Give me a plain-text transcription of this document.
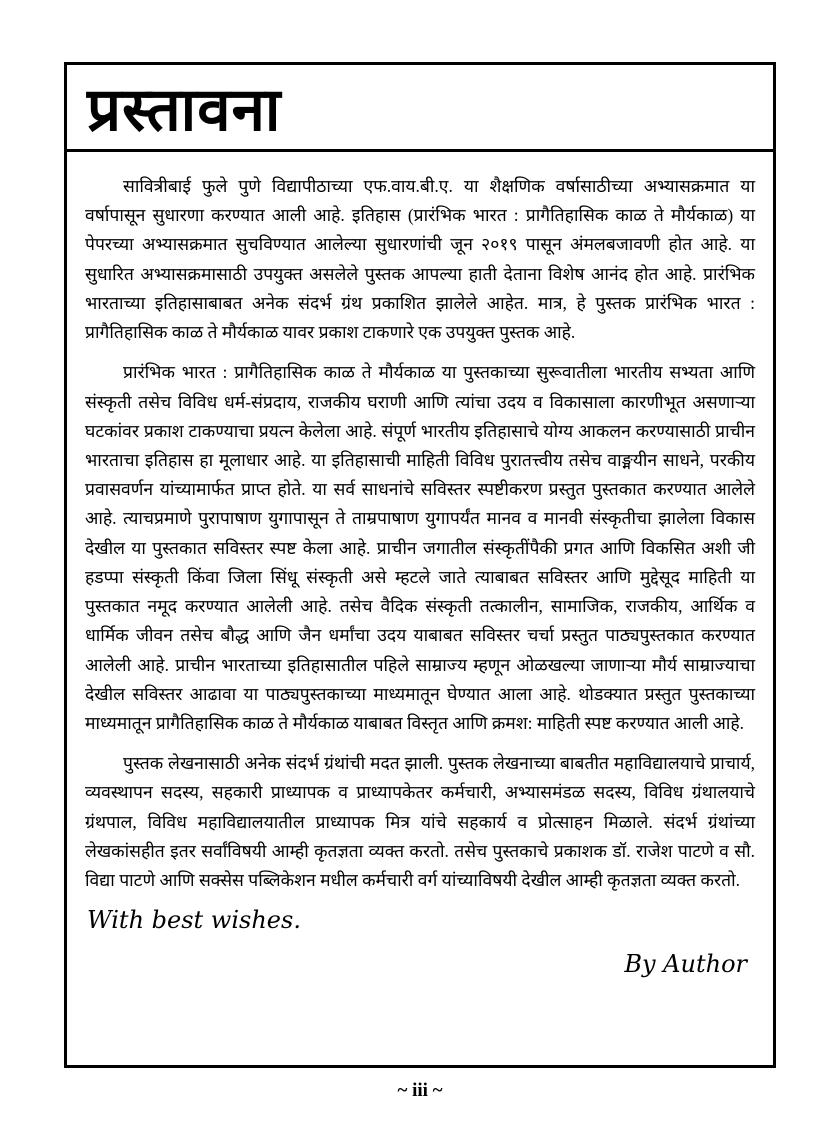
प्रस्तावना

सावित्रीबाई फुले पुणे विद्यापीठाच्या एफ.वाय.बी.ए. या शैक्षणिक वर्षासाठीच्या अभ्यासक्रमात या वर्षापासून सुधारणा करण्यात आली आहे. इतिहास (प्रारंभिक भारत : प्रागैतिहासिक काळ ते मौर्यकाळ) या पेपरच्या अभ्यासक्रमात सुचविण्यात आलेल्या सुधारणांची जून २०१९ पासून अंमलबजावणी होत आहे. या सुधारित अभ्यासक्रमासाठी उपयुक्त असलेले पुस्तक आपल्या हाती देताना विशेष आनंद होत आहे. प्रारंभिक भारताच्या इतिहासाबाबत अनेक संदर्भ ग्रंथ प्रकाशित झालेले आहेत. मात्र, हे पुस्तक प्रारंभिक भारत : प्रागैतिहासिक काळ ते मौर्यकाळ यावर प्रकाश टाकणारे एक उपयुक्त पुस्तक आहे.

प्रारंभिक भारत : प्रागैतिहासिक काळ ते मौर्यकाळ या पुस्तकाच्या सुरूवातीला भारतीय सभ्यता आणि संस्कृती तसेच विविध धर्म-संप्रदाय, राजकीय घराणी आणि त्यांचा उदय व विकासाला कारणीभूत असणाऱ्या घटकांवर प्रकाश टाकण्याचा प्रयत्न केलेला आहे. संपूर्ण भारतीय इतिहासाचे योग्य आकलन करण्यासाठी प्राचीन भारताचा इतिहास हा मूलाधार आहे. या इतिहासाची माहिती विविध पुरातत्त्वीय तसेच वाङ्मयीन साधने, परकीय प्रवासवर्णन यांच्यामार्फत प्राप्त होते. या सर्व साधनांचे सविस्तर स्पष्टीकरण प्रस्तुत पुस्तकात करण्यात आलेले आहे. त्याचप्रमाणे पुरापाषाण युगापासून ते ताम्रपाषाण युगापर्यंत मानव व मानवी संस्कृतीचा झालेला विकास देखील या पुस्तकात सविस्तर स्पष्ट केला आहे. प्राचीन जगातील संस्कृतींपैकी प्रगत आणि विकसित अशी जी हडप्पा संस्कृती किंवा जिला सिंधू संस्कृती असे म्हटले जाते त्याबाबत सविस्तर आणि मुद्देसूद माहिती या पुस्तकात नमूद करण्यात आलेली आहे. तसेच वैदिक संस्कृती तत्कालीन, सामाजिक, राजकीय, आर्थिक व धार्मिक जीवन तसेच बौद्ध आणि जैन धर्मांचा उदय याबाबत सविस्तर चर्चा प्रस्तुत पाठ्यपुस्तकात करण्यात आलेली आहे. प्राचीन भारताच्या इतिहासातील पहिले साम्राज्य म्हणून ओळखल्या जाणाऱ्या मौर्य साम्राज्याचा देखील सविस्तर आढावा या पाठ्यपुस्तकाच्या माध्यमातून घेण्यात आला आहे. थोडक्यात प्रस्तुत पुस्तकाच्या माध्यमातून प्रागैतिहासिक काळ ते मौर्यकाळ याबाबत विस्तृत आणि क्रमश: माहिती स्पष्ट करण्यात आली आहे.

पुस्तक लेखनासाठी अनेक संदर्भ ग्रंथांची मदत झाली. पुस्तक लेखनाच्या बाबतीत महाविद्यालयाचे प्राचार्य, व्यवस्थापन सदस्य, सहकारी प्राध्यापक व प्राध्यापकेतर कर्मचारी, अभ्यासमंडळ सदस्य, विविध ग्रंथालयाचे ग्रंथपाल, विविध महाविद्यालयातील प्राध्यापक मित्र यांचे सहकार्य व प्रोत्साहन मिळाले. संदर्भ ग्रंथांच्या लेखकांसहीत इतर सर्वांविषयी आम्ही कृतज्ञता व्यक्त करतो. तसेच पुस्तकाचे प्रकाशक डॉ. राजेश पाटणे व सौ. विद्या पाटणे आणि सक्सेस पब्लिकेशन मधील कर्मचारी वर्ग यांच्याविषयी देखील आम्ही कृतज्ञता व्यक्त करतो.

With best wishes.
By Author
~ iii ~
